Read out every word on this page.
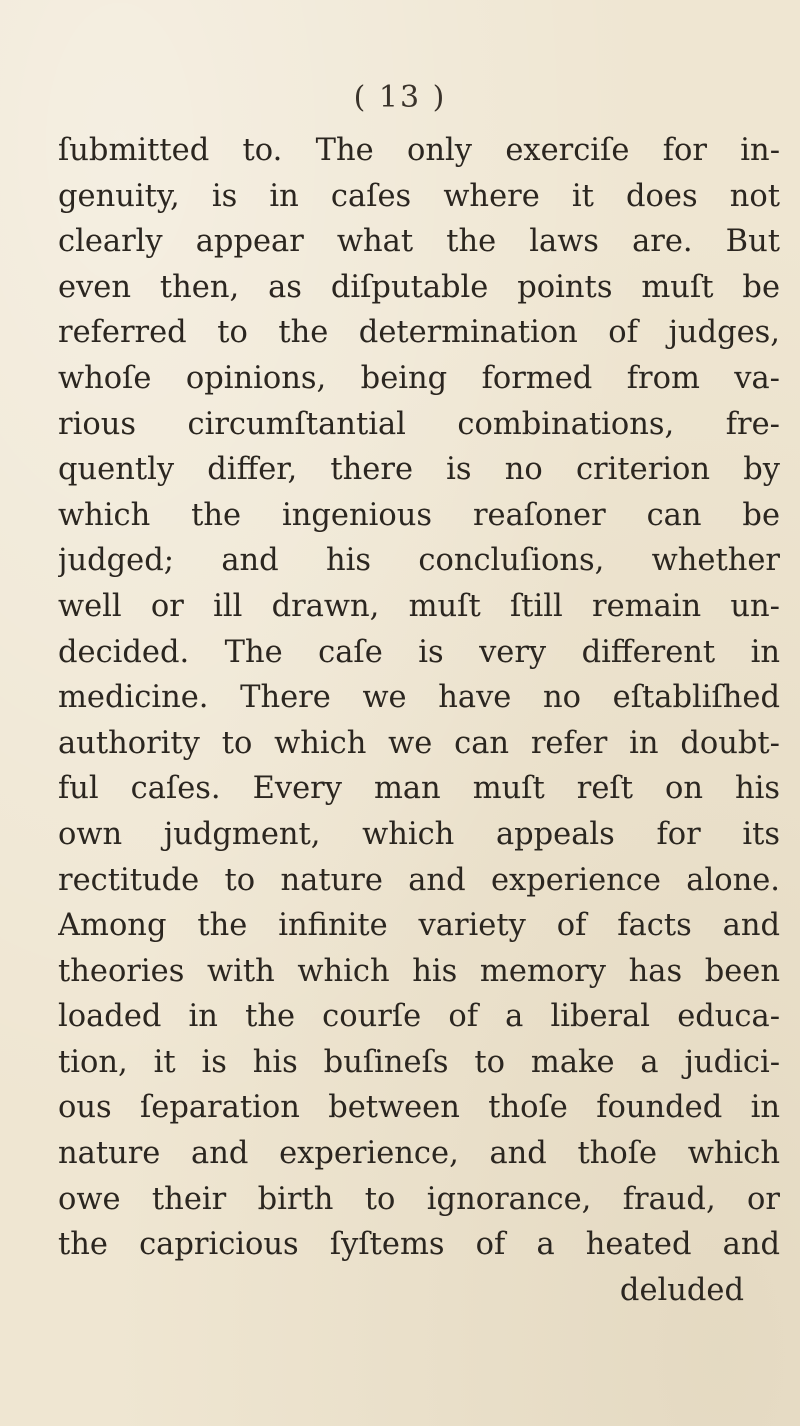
( 13 )
ſubmitted to. The only exerciſe for in-
genuity, is in caſes where it does not
clearly appear what the laws are. But
even then, as diſputable points muſt be
referred to the determination of judges,
whoſe opinions, being formed from va-
rious circumſtantial combinations, fre-
quently differ, there is no criterion by
which the ingenious reaſoner can be
judged; and his concluſions, whether
well or ill drawn, muſt ſtill remain un-
decided. The caſe is very different in
medicine. There we have no eſtabliſhed
authority to which we can refer in doubt-
ful caſes. Every man muſt reſt on his
own judgment, which appeals for its
rectitude to nature and experience alone.
Among the infinite variety of facts and
theories with which his memory has been
loaded in the courſe of a liberal educa-
tion, it is his buſineſs to make a judici-
ous ſeparation between thoſe founded in
nature and experience, and thoſe which
owe their birth to ignorance, fraud, or
the capricious ſyſtems of a heated and
deluded
